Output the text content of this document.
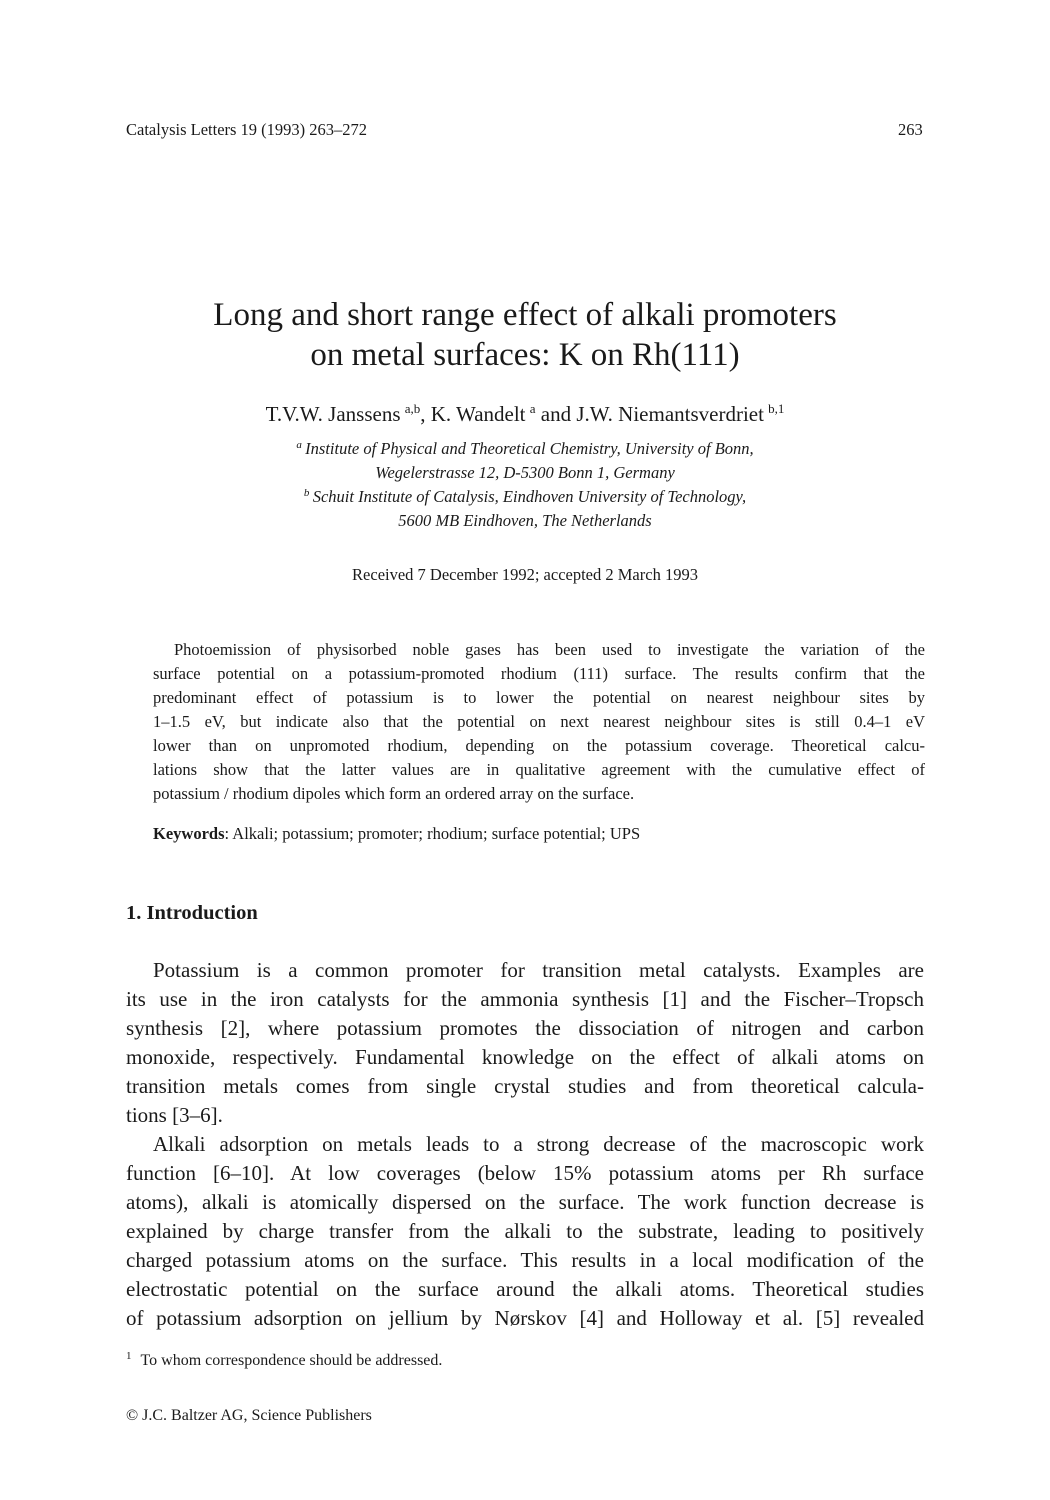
Catalysis Letters 19 (1993) 263–272	263
Long and short range effect of alkali promoters
on metal surfaces: K on Rh(111)
T.V.W. Janssens  $^{a,b}$, K. Wandelt  $^a$ and J.W. Niemantsverdriet  $^{b,1}$
$^a$  Institute of Physical and Theoretical Chemistry, University of Bonn,
Wegelerstrasse 12, D-5300 Bonn 1, Germany
$^b$  Schuit Institute of Catalysis, Eindhoven University of Technology,
5600 MB Eindhoven, The Netherlands
Received 7 December 1992; accepted 2 March 1993
Photoemission of physisorbed noble gases has been used to investigate the variation of the
surface potential on a potassium-promoted rhodium (111) surface. The results confirm that the
predominant effect of potassium is to lower the potential on nearest neighbour sites by
1–1.5 eV, but indicate also that the potential on next nearest neighbour sites is still 0.4–1 eV
lower than on unpromoted rhodium, depending on the potassium coverage. Theoretical calcu-
lations show that the latter values are in qualitative agreement with the cumulative effect of
potassium / rhodium dipoles which form an ordered array on the surface.
Keywords: Alkali; potassium; promoter; rhodium; surface potential; UPS
1. Introduction
Potassium is a common promoter for transition metal catalysts. Examples are
its use in the iron catalysts for the ammonia synthesis [1] and the Fischer–Tropsch
synthesis [2], where potassium promotes the dissociation of nitrogen and carbon
monoxide, respectively. Fundamental knowledge on the effect of alkali atoms on
transition metals comes from single crystal studies and from theoretical calcula-
tions [3–6].
Alkali adsorption on metals leads to a strong decrease of the macroscopic work
function [6–10]. At low coverages (below 15% potassium atoms per Rh surface
atoms), alkali is atomically dispersed on the surface. The work function decrease is
explained by charge transfer from the alkali to the substrate, leading to positively
charged potassium atoms on the surface. This results in a local modification of the
electrostatic potential on the surface around the alkali atoms. Theoretical studies
of potassium adsorption on jellium by Nørskov [4] and Holloway et al. [5] revealed
$^1$ To whom correspondence should be addressed.
© J.C. Baltzer AG, Science Publishers
